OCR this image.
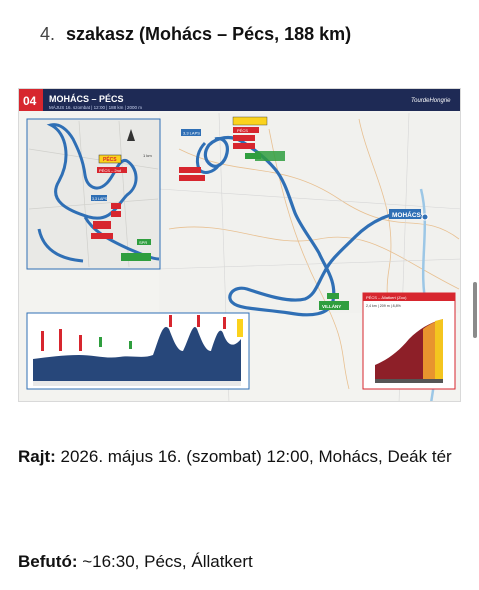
4. szakasz (Mohács – Pécs, 188 km)
04 MOHÁCS – PÉCS
MÁJUS 16. szombat | 12:00 | 188 km | 2000 m
TourdeHongrie
1 km
PÉCS
PÉCS – 2nd
3,3 LAPS
SPR
MOHÁCS
PÉCS
3,3 LAPS
VILLÁNY
PÉCS – Állatkert (Zoo)
2,4 km | 209 m | 8,8%
Rajt: 2026. május 16. (szombat) 12:00, Mohács, Deák tér
Befutó: ~16:30, Pécs, Állatkert
